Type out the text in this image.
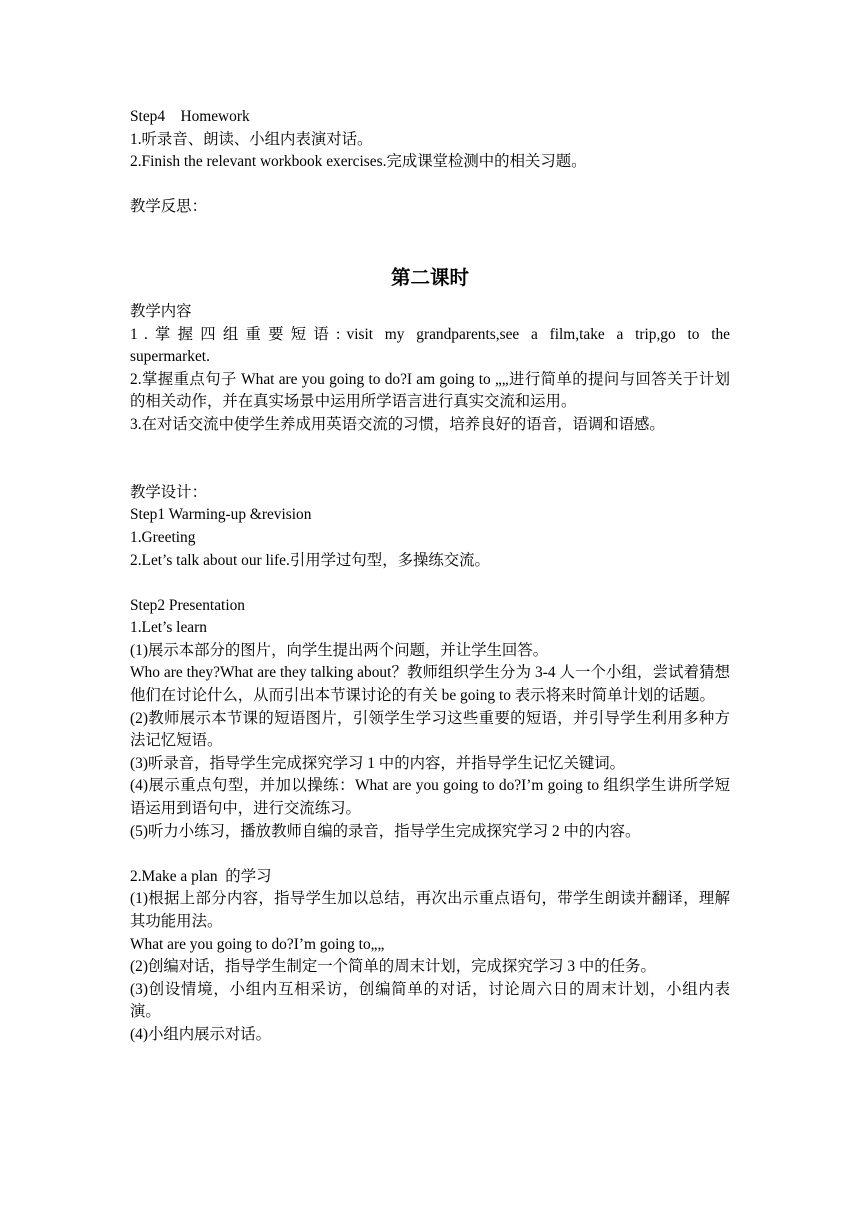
Step4    Homework
1.听录音、朗读、小组内表演对话。
2.Finish the relevant workbook exercises.完成课堂检测中的相关习题。
教学反思：
第二课时
教学内容
1.掌握四组重要短语:visit my grandparents,see a film,take a trip,go to the supermarket.
2.掌握重点句子 What are you going to do?I am going to „„进行简单的提问与回答关于计划的相关动作，并在真实场景中运用所学语言进行真实交流和运用。
3.在对话交流中使学生养成用英语交流的习惯，培养良好的语音，语调和语感。
教学设计：
Step1 Warming-up &revision
1.Greeting
2.Let’s talk about our life.引用学过句型，多操练交流。
Step2 Presentation
1.Let’s learn
(1)展示本部分的图片，向学生提出两个问题，并让学生回答。
Who are they?What are they talking about？教师组织学生分为 3-4 人一个小组，尝试着猜想他们在讨论什么，从而引出本节课讨论的有关 be going to 表示将来时简单计划的话题。
(2)教师展示本节课的短语图片，引领学生学习这些重要的短语，并引导学生利用多种方法记忆短语。
(3)听录音，指导学生完成探究学习 1 中的内容，并指导学生记忆关键词。
(4)展示重点句型，并加以操练：What are you going to do?I’m going to 组织学生讲所学短语运用到语句中，进行交流练习。
(5)听力小练习，播放教师自编的录音，指导学生完成探究学习 2 中的内容。
2.Make a plan  的学习
(1)根据上部分内容，指导学生加以总结，再次出示重点语句，带学生朗读并翻译，理解其功能用法。
What are you going to do?I’m going to„„
(2)创编对话，指导学生制定一个简单的周末计划，完成探究学习 3 中的任务。
(3)创设情境，小组内互相采访，创编简单的对话，讨论周六日的周末计划，小组内表演。
(4)小组内展示对话。
